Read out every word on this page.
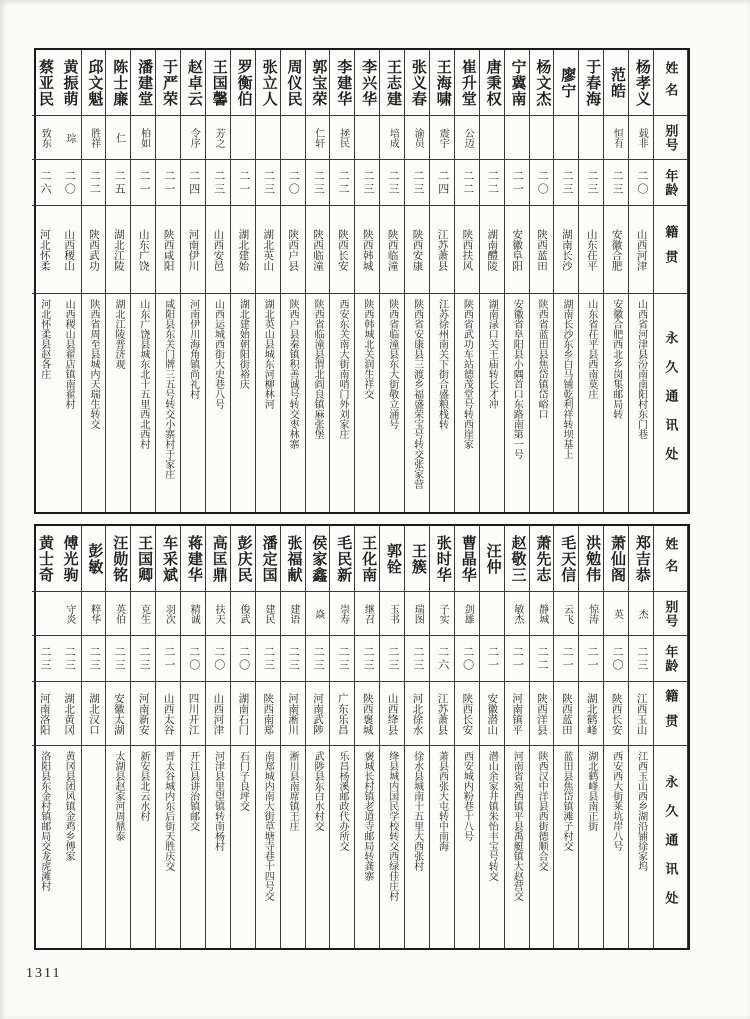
姓名
别号
年龄
籍贯
永久通讯处
杨孝义
载非
二〇
山西河津
山西省河津县汾南南阳村东门巷
范皓
恒有
二三
安徽合肥
安徽合肥西北乡岗集邮局转
于春海
二三
山东茌平
山东省茌平县西南莫庄
廖宁
二三
湖南长沙
湖南长沙东乡白马铺乾利祥转坝基上
杨文杰
二〇
陕西蓝田
陕西省蓝田县焦岱镇岱峪口
宁冀南
二一
安徽阜阳
安徽省阜阳县小隅首口东路南第一号
唐秉权
二二
湖南醴陵
湖南渌口关王庙转长才冲
崔升堂
公迈
二二
陕西扶风
陕西省武功车站德茂堂号转西崖家
王海啸
震宇
二四
江苏萧县
江苏徐州南关下街合盛粮栈转
张义春
渝员
二三
陕西安康
陕西省安康县三渡乡福盛荣宝号转交张家营
王志建
培成
二三
陕西临潼
陕西省临潼县东大街敬立涌号
李兴华
二三
陕西韩城
陕西韩城北关润生祥交
李建华
拯民
二二
陕西长安
西安东关南大街南哨门外刘家庄
郭宝荣
仁轩
二三
陕西临潼
陕西省临潼县渭北阎良镇麻张堡
周仪民
二〇
陕西户县
陕西户县秦镇积善诚号转交枣林寨
张立人
二三
湖北英山
湖北英山县城东河柳林河
罗衡伯
二一
湖北建始
湖北建始朝阳街裕庆
王国馨
芳之
二三
山西安邑
山西运城西街大史巷八号
赵卓云
令序
二四
河南伊川
河南伊川海角镇尚礼村
于严荣
二一
陕西咸阳
咸阳县东关门牌三五号转交小寨村于家庄
潘建堂
柏如
二一
山东广饶
山东广饶县城东北十五里西北西村
陈士廉
仁
二五
湖北江陵
湖北江陵普济观
邱文魁
胜祥
二二
陕西武功
陕西省周至县城内天瑞生转交
黄振萌
琮
二〇
山西稷山
山西稷山县翟店镇南翟村
蔡亚民
致东
二六
河北怀柔
河北怀柔县赵各庄
姓名
别号
年龄
籍贯
永久通讯处
郑吉恭
杰
二三
江西玉山
江西玉山西乡湖沿铺徐家坞
萧仙阁
英
二〇
陕西长安
西安西大街莱坑岸八号
洪勉伟
惊涛
二一
湖北鹤峰
湖北鹤峰县南正街
毛天信
云飞
二一
陕西蓝田
蓝田县焦岱镇滩子村交
萧先志
静城
二二
陕西洋县
陕西汉中洋县西街德顺合交
赵敬三
敏杰
二一
河南镇平
河南省宛西镇平县禹艇镇大赵营交
汪仲
二一
安徽潜山
潜山余家井镇朱怡丰宝号转交
曹晶华
剑雄
二〇
陕西长安
西安城内粉巷十八号
张时华
子实
二六
江苏萧县
萧县西张大屯转中南海
王簇
瑞图
二三
河北徐水
徐水县城南十五里大西张村
郭铨
玉书
二三
山西绛县
绛县城内国民学校转交西绿佳庄村
王化南
继召
二三
陕西褒城
褒城长村镇老道寺邮局转龚寨
毛民新
崇寿
二三
广东乐昌
乐昌杨溪邮政代办所交
侯家鑫
焱
二三
河南武陟
武陟县东白水村交
张福献
建语
二三
河南淅川
淅川县南席镇王庄
潘定国
建民
二三
陕西南郑
南郑城内南大街草塘寺巷十四号交
彭庆民
俊武
二〇
湖南石门
石门子良坪交
高匡鼎
扶天
二〇
山西河津
河津县里望镇转南杨村
蒋建华
精诚
二〇
四川开江
开江县讲治镇邮交
车采斌
羽次
二一
山西太谷
晋太谷城内东后街天胜庆交
王国卿
克生
二三
河南新安
新安县北云水村
汪勋铭
英伯
二三
安徽太湖
太湖县赵家河周鼎泰
彭敏
粹华
二三
湖北汉口
傅光驹
守炎
二三
湖北黄冈
黄冈县团风镇金鸡乡傅家
黄士奇
二三
河南洛阳
洛阳县东金村镇邮局交龙虎滩村
1311
